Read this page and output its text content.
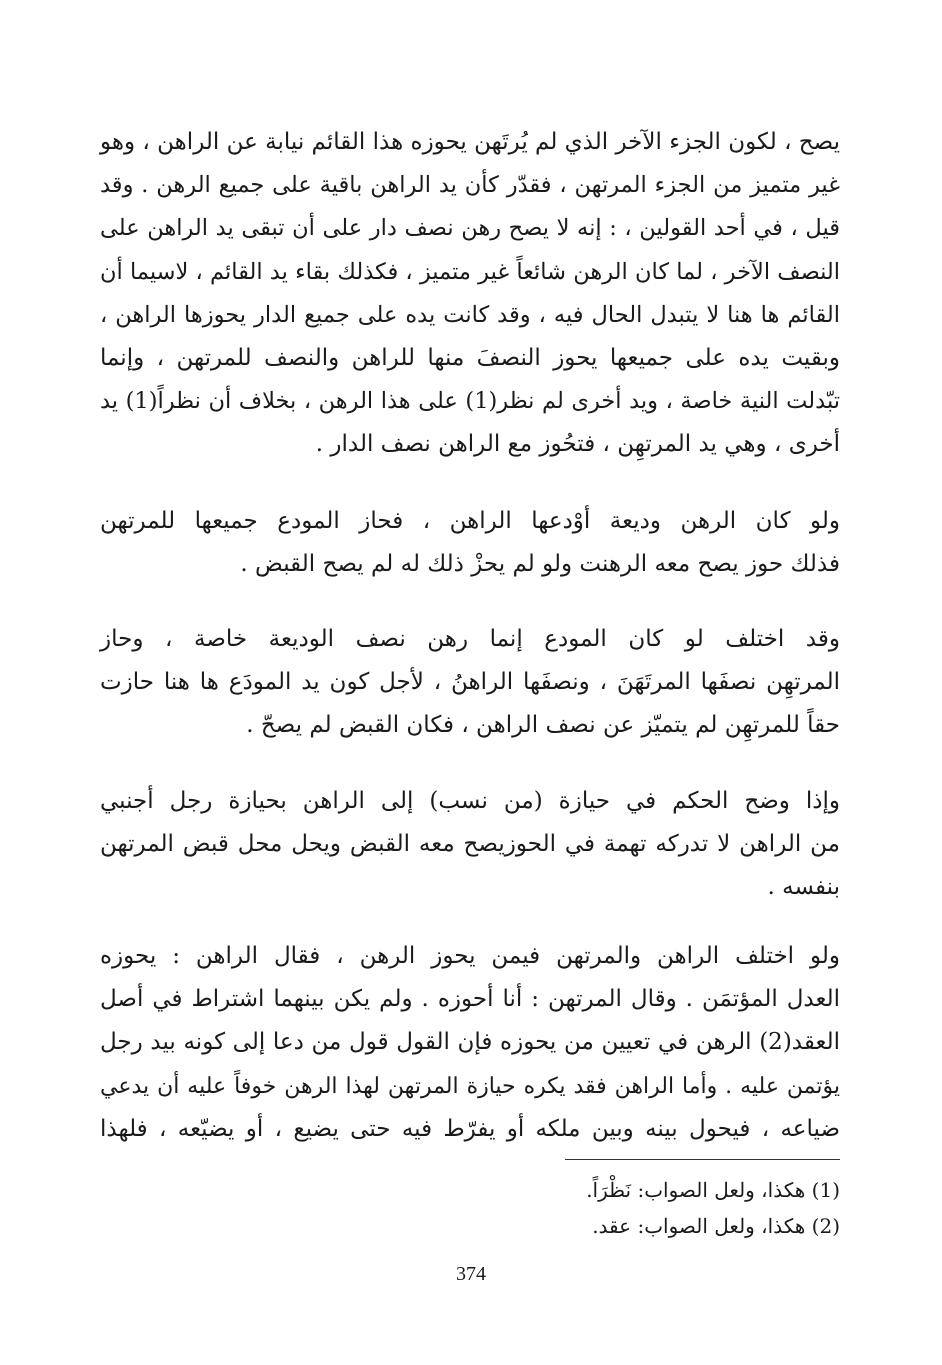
يصح ، لكون الجزء الآخر الذي لم يُرتَهن يحوزه هذا القائم نيابة عن الراهن ، وهو
غير متميز من الجزء المرتهن ، فقدّر كأن يد الراهن باقية على جميع الرهن . وقد
قيل ، في أحد القولين ، : إنه لا يصح رهن نصف دار على أن تبقى يد الراهن على
النصف الآخر ، لما كان الرهن شائعاً غير متميز ، فكذلك بقاء يد القائم ، لاسيما أن
القائم ها هنا لا يتبدل الحال فيه ، وقد كانت يده على جميع الدار يحوزها الراهن ،
وبقيت يده على جميعها يحوز النصفَ منها للراهن والنصف للمرتهن ، وإنما
تبّدلت النية خاصة ، ويد أخرى لم نظر(1) على هذا الرهن ، بخلاف أن نظراً(1) يد
أخرى ، وهي يد المرتهِن ، فتحُوز مع الراهن نصف الدار .
ولو كان الرهن وديعة أوْدعها الراهن ، فحاز المودع جميعها للمرتهن
فذلك حوز يصح معه الرهنت ولو لم يحزْ ذلك له لم يصح القبض .
وقد اختلف لو كان المودع إنما رهن نصف الوديعة خاصة ، وحاز
المرتهِن نصفَها المرتَهَنَ ، ونصفَها الراهنُ ، لأجل كون يد المودَع ها هنا حازت
حقاً للمرتهِن لم يتميّز عن نصف الراهن ، فكان القبض لم يصحّ .
وإذا وضح الحكم في حيازة (من نسب) إلى الراهن بحيازة رجل أجنبي
من الراهن لا تدركه تهمة في الحوزيصح معه القبض ويحل محل قبض المرتهن
بنفسه .
ولو اختلف الراهن والمرتهن فيمن يحوز الرهن ، فقال الراهن : يحوزه
العدل المؤتمَن . وقال المرتهن : أنا أحوزه . ولم يكن بينهما اشتراط في أصل
العقد(2) الرهن في تعيين من يحوزه فإن القول قول من دعا إلى كونه بيد رجل
يؤتمن عليه . وأما الراهن فقد يكره حيازة المرتهن لهذا الرهن خوفاً عليه أن يدعي
ضياعه ، فيحول بينه وبين ملكه أو يفرّط فيه حتى يضيع ، أو يضيّعه ، فلهذا
(1) هكذا، ولعل الصواب: نَظْرَاً.
(2) هكذا، ولعل الصواب: عقد.
374
